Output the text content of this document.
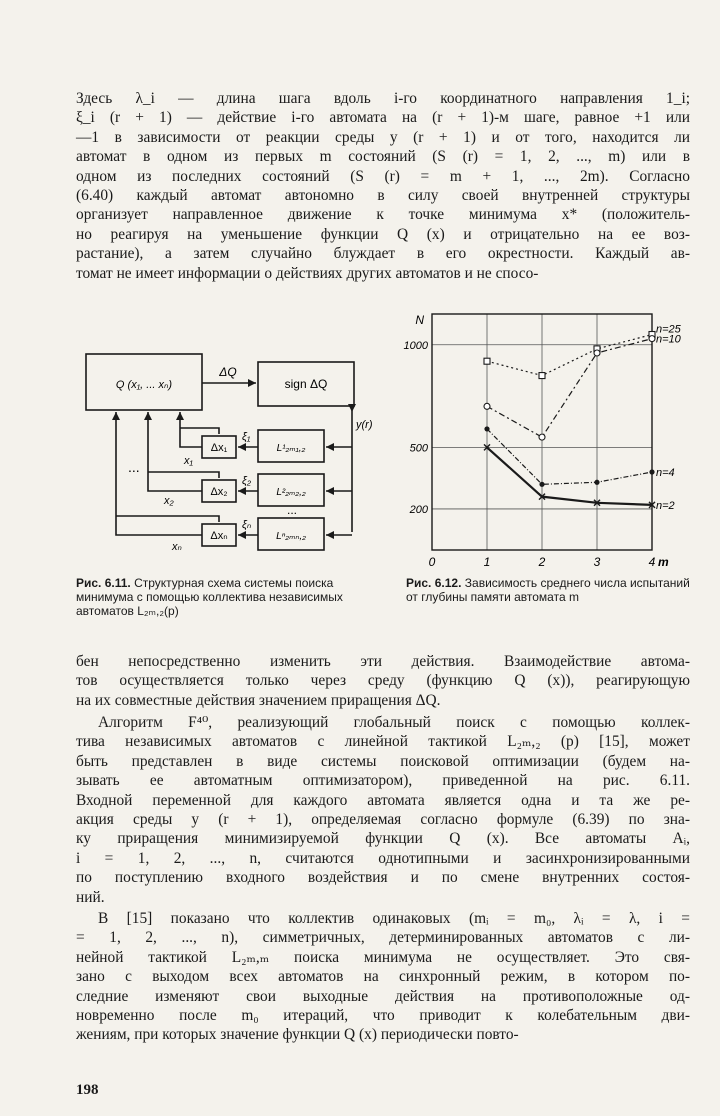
Здесь λ_i — длина шага вдоль i-го координатного направления 1_i;
ξ_i (r + 1) — действие i-го автомата на (r + 1)-м шаге, равное +1 или
—1 в зависимости от реакции среды y (r + 1) и от того, находится ли
автомат в одном из первых m состояний (S (r) = 1, 2, ..., m) или в
одном из последних состояний (S (r) = m + 1, ..., 2m). Согласно
(6.40) каждый автомат автономно в силу своей внутренней структуры
организует направленное движение к точке минимума x* (положитель-
но реагируя на уменьшение функции Q (x) и отрицательно на ее воз-
растание), а затем случайно блуждает в его окрестности. Каждый ав-
томат не имеет информации о действиях других автоматов и не спосо-
Q (x₁, ... xₙ)	sign ΔQ
ΔQ
y(r)
Δx₁
Δx₂
Δxₙ
L¹₂ₘ₁,₂
L²₂ₘ₂,₂
Lⁿ₂ₘₙ,₂
ξ₁
ξ₂
ξₙ
x₁
x₂
xₙ
...
...
1000
500
200
0	1	2	3	4 m
N
n=25
n=10
n=4
n=2
Рис. 6.11. Структурная схема системы поиска минимума с помощью коллектива независимых автоматов L₂ₘ,₂(p)
Рис. 6.12. Зависимость среднего числа испытаний от глубины памяти автомата m
бен непосредственно изменить эти действия. Взаимодействие автома-
тов осуществляется только через среду (функцию Q (x)), реагирующую
на их совместные действия значением приращения ΔQ.
Алгоритм F⁴⁰, реализующий глобальный поиск с помощью коллек-
тива независимых автоматов с линейной тактикой L₂ₘ,₂ (p) [15], может
быть представлен в виде системы поисковой оптимизации (будем на-
зывать ее автоматным оптимизатором), приведенной на рис. 6.11.
Входной переменной для каждого автомата является одна и та же ре-
акция среды y (r + 1), определяемая согласно формуле (6.39) по зна-
ку приращения минимизируемой функции Q (x). Все автоматы Aᵢ,
i = 1, 2, ..., n, считаются однотипными и засинхронизированными
по поступлению входного воздействия и по смене внутренних состоя-
ний.
В [15] показано что коллектив одинаковых (mᵢ = m₀, λᵢ = λ, i =
= 1, 2, ..., n), симметричных, детерминированных автоматов с ли-
нейной тактикой L₂ₘ,ₘ поиска минимума не осуществляет. Это свя-
зано с выходом всех автоматов на синхронный режим, в котором по-
следние изменяют свои выходные действия на противоположные од-
новременно после m₀ итераций, что приводит к колебательным дви-
жениям, при которых значение функции Q (x) периодически повто-
198
